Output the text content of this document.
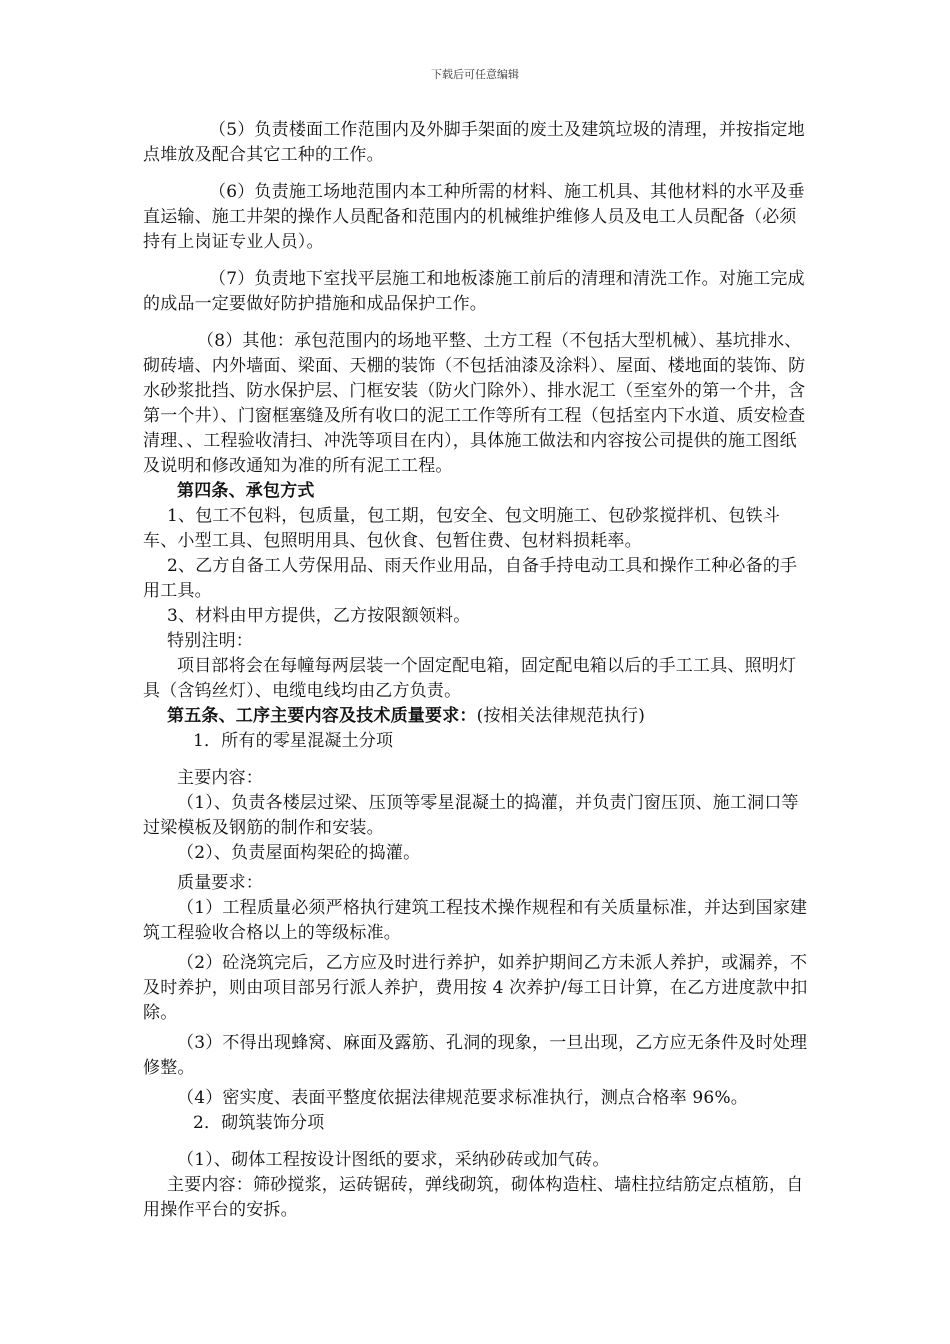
下载后可任意编辑

（5）负责楼面工作范围内及外脚手架面的废土及建筑垃圾的清理，并按指定地点堆放及配合其它工种的工作。

（6）负责施工场地范围内本工种所需的材料、施工机具、其他材料的水平及垂直运输、施工井架的操作人员配备和范围内的机械维护维修人员及电工人员配备（必须持有上岗证专业人员）。

（7）负责地下室找平层施工和地板漆施工前后的清理和清洗工作。对施工完成的成品一定要做好防护措施和成品保护工作。

（8）其他：承包范围内的场地平整、土方工程（不包括大型机械）、基坑排水、砌砖墙、内外墙面、梁面、天棚的装饰（不包括油漆及涂料）、屋面、楼地面的装饰、防水砂浆批挡、防水保护层、门框安装（防火门除外）、排水泥工（至室外的第一个井，含第一个井）、门窗框塞缝及所有收口的泥工工作等所有工程（包括室内下水道、质安检查清理、、工程验收清扫、冲洗等项目在内），具体施工做法和内容按公司提供的施工图纸及说明和修改通知为准的所有泥工工程。

第四条、承包方式

1、包工不包料，包质量，包工期，包安全、包文明施工、包砂浆搅拌机、包铁斗车、小型工具、包照明用具、包伙食、包暂住费、包材料损耗率。

2、乙方自备工人劳保用品、雨天作业用品，自备手持电动工具和操作工种必备的手用工具。

3、材料由甲方提供，乙方按限额领料。

特别注明：

项目部将会在每幢每两层装一个固定配电箱，固定配电箱以后的手工工具、照明灯具（含钨丝灯）、电缆电线均由乙方负责。

第五条、工序主要内容及技术质量要求：(按相关法律规范执行)

1．所有的零星混凝土分项

主要内容：

（1）、负责各楼层过梁、压顶等零星混凝土的捣灌，并负责门窗压顶、施工洞口等过梁模板及钢筋的制作和安装。

（2）、负责屋面构架砼的捣灌。

质量要求：

（1）工程质量必须严格执行建筑工程技术操作规程和有关质量标准，并达到国家建筑工程验收合格以上的等级标准。

（2）砼浇筑完后，乙方应及时进行养护，如养护期间乙方未派人养护，或漏养，不及时养护，则由项目部另行派人养护，费用按 4 次养护/每工日计算，在乙方进度款中扣除。

（3）不得出现蜂窝、麻面及露筋、孔洞的现象，一旦出现，乙方应无条件及时处理修整。

（4）密实度、表面平整度依据法律规范要求标准执行，测点合格率 96%。

2．砌筑装饰分项

（1）、砌体工程按设计图纸的要求，采纳砂砖或加气砖。

主要内容：筛砂搅浆，运砖锯砖，弹线砌筑，砌体构造柱、墙柱拉结筋定点植筋，自用操作平台的安拆。
